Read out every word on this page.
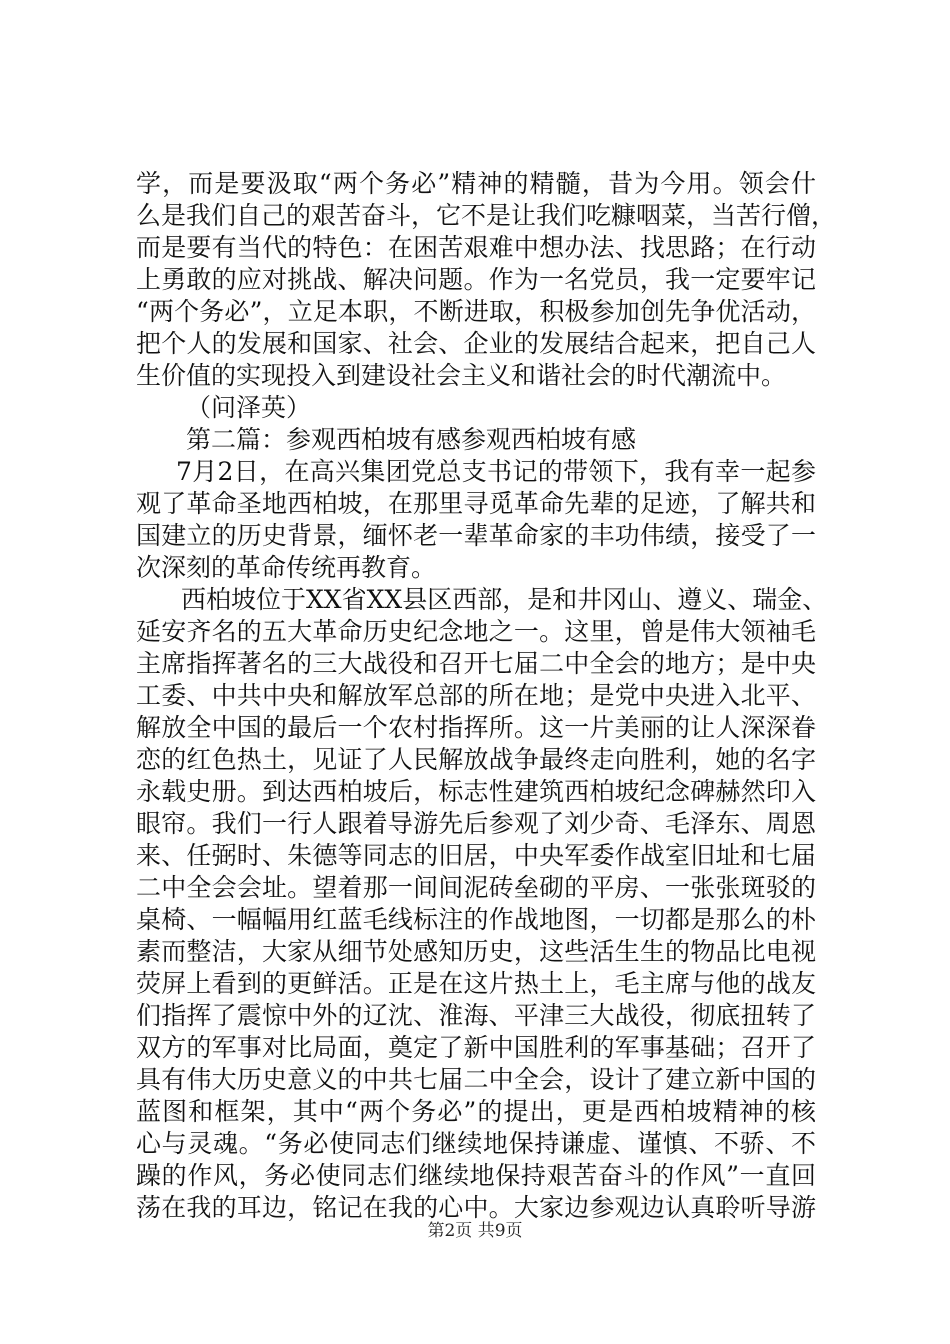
学，而是要汲取“两个务必”精神的精髓，昔为今用。领会什
么是我们自己的艰苦奋斗，它不是让我们吃糠咽菜，当苦行僧，
而是要有当代的特色：在困苦艰难中想办法、找思路；在行动
上勇敢的应对挑战、解决问题。作为一名党员，我一定要牢记
“两个务必”，立足本职，不断进取，积极参加创先争优活动，
把个人的发展和国家、社会、企业的发展结合起来，把自己人
生价值的实现投入到建设社会主义和谐社会的时代潮流中。
（问泽英）
第二篇：参观西柏坡有感参观西柏坡有感
7月2日，在高兴集团党总支书记的带领下，我有幸一起参
观了革命圣地西柏坡，在那里寻觅革命先辈的足迹，了解共和
国建立的历史背景，缅怀老一辈革命家的丰功伟绩，接受了一
次深刻的革命传统再教育。
西柏坡位于XX省XX县区西部，是和井冈山、遵义、瑞金、
延安齐名的五大革命历史纪念地之一。这里，曾是伟大领袖毛
主席指挥著名的三大战役和召开七届二中全会的地方；是中央
工委、中共中央和解放军总部的所在地；是党中央进入北平、
解放全中国的最后一个农村指挥所。这一片美丽的让人深深眷
恋的红色热土，见证了人民解放战争最终走向胜利，她的名字
永载史册。到达西柏坡后，标志性建筑西柏坡纪念碑赫然印入
眼帘。我们一行人跟着导游先后参观了刘少奇、毛泽东、周恩
来、任弼时、朱德等同志的旧居，中央军委作战室旧址和七届
二中全会会址。望着那一间间泥砖垒砌的平房、一张张斑驳的
桌椅、一幅幅用红蓝毛线标注的作战地图，一切都是那么的朴
素而整洁，大家从细节处感知历史，这些活生生的物品比电视
荧屏上看到的更鲜活。正是在这片热土上，毛主席与他的战友
们指挥了震惊中外的辽沈、淮海、平津三大战役，彻底扭转了
双方的军事对比局面，奠定了新中国胜利的军事基础；召开了
具有伟大历史意义的中共七届二中全会，设计了建立新中国的
蓝图和框架，其中“两个务必”的提出，更是西柏坡精神的核
心与灵魂。“务必使同志们继续地保持谦虚、谨慎、不骄、不
躁的作风，务必使同志们继续地保持艰苦奋斗的作风”一直回
荡在我的耳边，铭记在我的心中。大家边参观边认真聆听导游
第2页 共9页
